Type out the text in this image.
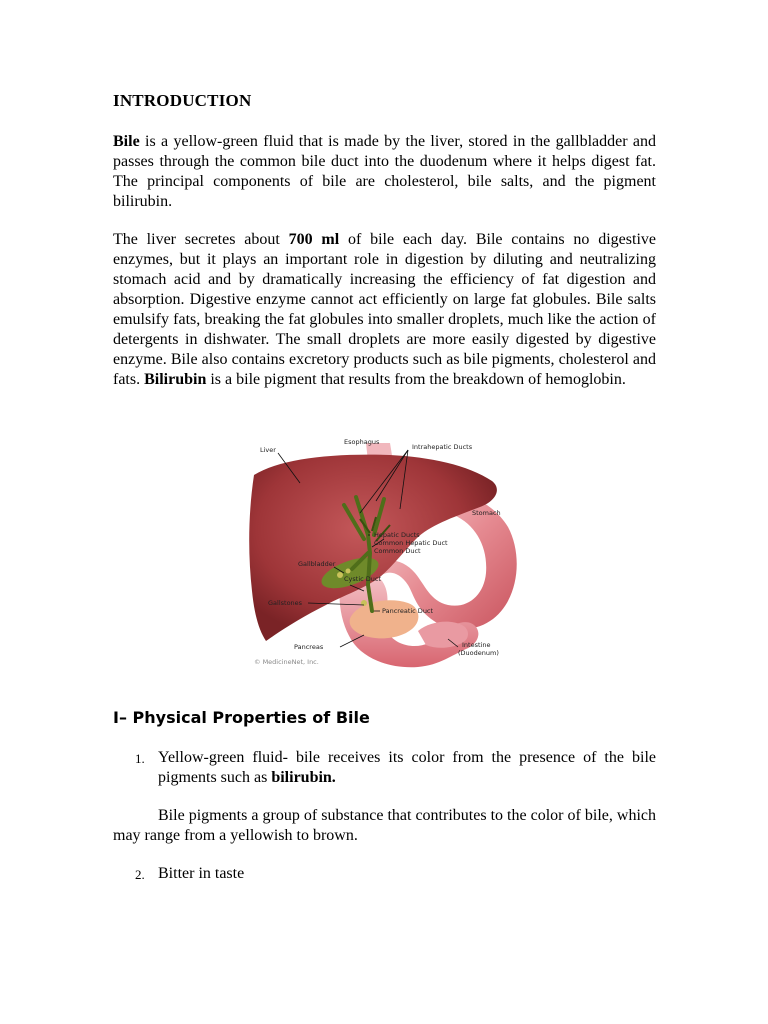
INTRODUCTION
Bile is a yellow-green fluid that is made by the liver, stored in the gallbladder and passes through the common bile duct into the duodenum where it helps digest fat. The principal components of bile are cholesterol, bile salts, and the pigment bilirubin.
The liver secretes about 700 ml of bile each day. Bile contains no digestive enzymes, but it plays an important role in digestion by diluting and neutralizing stomach acid and by dramatically increasing the efficiency of fat digestion and absorption. Digestive enzyme cannot act efficiently on large fat globules. Bile salts emulsify fats, breaking the fat globules into smaller droplets, much like the action of detergents in dishwater. The small droplets are more easily digested by digestive enzyme. Bile also contains excretory products such as bile pigments, cholesterol and fats. Bilirubin is a bile pigment that results from the breakdown of hemoglobin.
Liver
Esophagus
Intrahepatic Ducts
Stomach
Hepatic Ducts
Common Hepatic Duct
Common Duct
Gallbladder
Cystic Duct
Gallstones
Pancreatic Duct
Pancreas	Intestine
(Duodenum)
© MedicineNet, Inc.
I– Physical Properties of Bile
1. Yellow-green fluid- bile receives its color from the presence of the bile pigments such as bilirubin.
Bile pigments a group of substance that contributes to the color of bile, which may range from a yellowish to brown.
2. Bitter in taste
